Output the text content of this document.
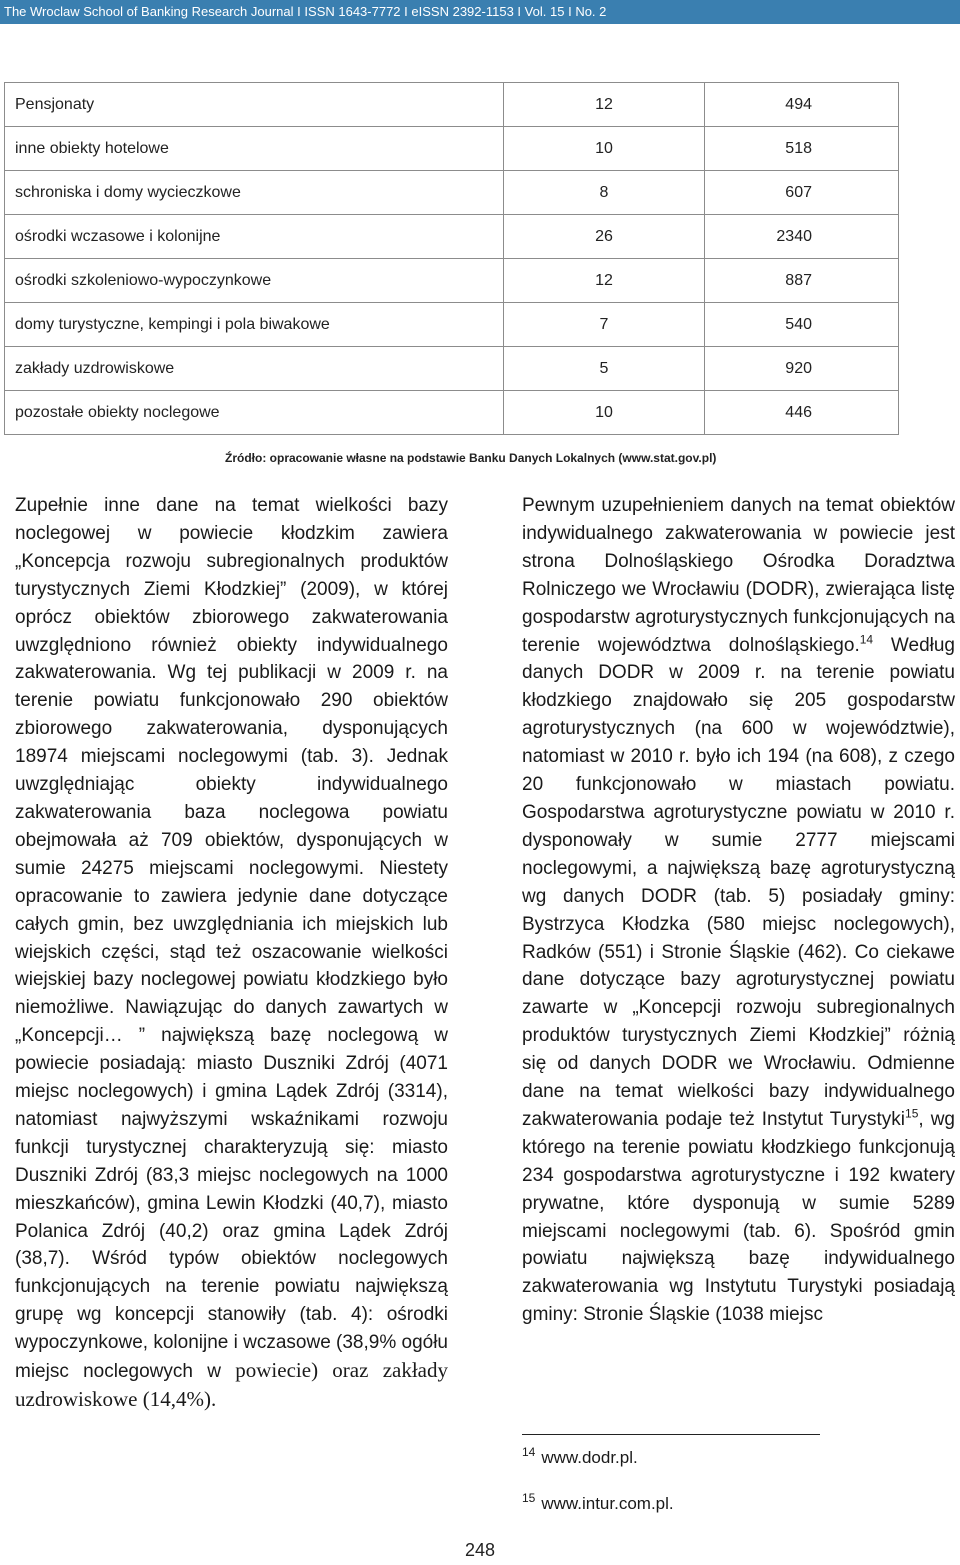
The Wroclaw School of Banking Research Journal I ISSN 1643-7772 I eISSN 2392-1153 I Vol. 15 I No. 2
Pensjonaty	12	494
inne obiekty hotelowe	10	518
schroniska i domy wycieczkowe	8	607
ośrodki wczasowe i kolonijne	26	2340
ośrodki szkoleniowo-wypoczynkowe	12	887
domy turystyczne, kempingi i pola biwakowe	7	540
zakłady uzdrowiskowe	5	920
pozostałe obiekty noclegowe	10	446
Źródło: opracowanie własne na podstawie Banku Danych Lokalnych (www.stat.gov.pl)

Zupełnie inne dane na temat wielkości bazy noclegowej w powiecie kłodzkim zawiera „Koncepcja rozwoju subregionalnych produktów turystycznych Ziemi Kłodzkiej” (2009), w której oprócz obiektów zbiorowego zakwaterowania uwzględniono również obiekty indywidualnego zakwaterowania. Wg tej publikacji w 2009 r. na terenie powiatu funkcjonowało 290 obiektów zbiorowego zakwaterowania, dysponujących 18974 miejscami noclegowymi (tab. 3). Jednak uwzględniając obiekty indywidualnego zakwaterowania baza noclegowa powiatu obejmowała aż 709 obiektów, dysponujących w sumie 24275 miejscami noclegowymi. Niestety opracowanie to zawiera jedynie dane dotyczące całych gmin, bez uwzględniania ich miejskich lub wiejskich części, stąd też oszacowanie wielkości wiejskiej bazy noclegowej powiatu kłodzkiego było niemożliwe. Nawiązując do danych zawartych w „Koncepcji… ” największą bazę noclegową w powiecie posiadają: miasto Duszniki Zdrój (4071 miejsc noclegowych) i gmina Lądek Zdrój (3314), natomiast najwyższymi wskaźnikami rozwoju funkcji turystycznej charakteryzują się: miasto Duszniki Zdrój (83,3 miejsc noclegowych na 1000 mieszkańców), gmina Lewin Kłodzki (40,7), miasto Polanica Zdrój (40,2) oraz gmina Lądek Zdrój (38,7). Wśród typów obiektów noclegowych funkcjonujących na terenie powiatu największą grupę wg koncepcji stanowiły (tab. 4): ośrodki wypoczynkowe, kolonijne i wczasowe (38,9% ogółu miejsc noclegowych w powiecie) oraz zakłady uzdrowiskowe (14,4%).

Pewnym uzupełnieniem danych na temat obiektów indywidualnego zakwaterowania w powiecie jest strona Dolnośląskiego Ośrodka Doradztwa Rolniczego we Wrocławiu (DODR), zwierająca listę gospodarstw agroturystycznych funkcjonujących na terenie województwa dolnośląskiego.$^{14}$ Według danych DODR w 2009 r. na terenie powiatu kłodzkiego znajdowało się 205 gospodarstw agroturystycznych (na 600 w województwie), natomiast w 2010 r. było ich 194 (na 608), z czego 20 funkcjonowało w miastach powiatu. Gospodarstwa agroturystyczne powiatu w 2010 r. dysponowały w sumie 2777 miejscami noclegowymi, a największą bazę agroturystyczną wg danych DODR (tab. 5) posiadały gminy: Bystrzyca Kłodzka (580 miejsc noclegowych), Radków (551) i Stronie Śląskie (462). Co ciekawe dane dotyczące bazy agroturystycznej powiatu zawarte w „Koncepcji rozwoju subregionalnych produktów turystycznych Ziemi Kłodzkiej” różnią się od danych DODR we Wrocławiu. Odmienne dane na temat wielkości bazy indywidualnego zakwaterowania podaje też Instytut Turystyki$^{15}$, wg którego na terenie powiatu kłodzkiego funkcjonują 234 gospodarstwa agroturystyczne i 192 kwatery prywatne, które dysponują w sumie 5289 miejscami noclegowymi (tab. 6). Spośród gmin powiatu największą bazę indywidualnego zakwaterowania wg Instytutu Turystyki posiadają gminy: Stronie Śląskie (1038 miejsc

$^{14}$ www.dodr.pl.
$^{15}$ www.intur.com.pl.
248
